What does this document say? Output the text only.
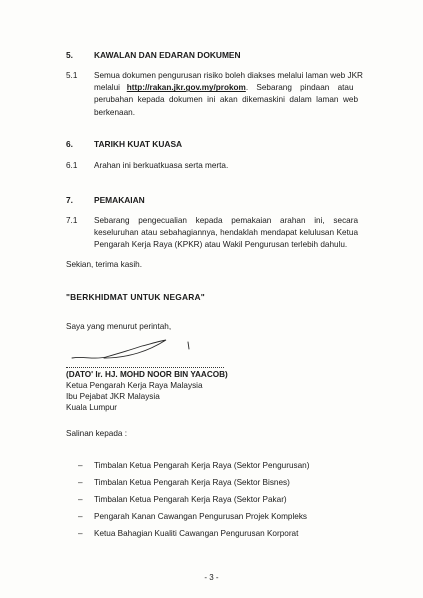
5.	KAWALAN DAN EDARAN DOKUMEN
5.1 Semua dokumen pengurusan risiko boleh diakses melalui laman web JKR
melalui http://rakan.jkr.gov.my/prokom. Sebarang pindaan atau
perubahan kepada dokumen ini akan dikemaskini dalam laman web
berkenaan.
6.	TARIKH KUAT KUASA
6.1 Arahan ini berkuatkuasa serta merta.
7.	PEMAKAIAN
7.1 Sebarang pengecualian kepada pemakaian arahan ini, secara
keseluruhan atau sebahagiannya, hendaklah mendapat kelulusan Ketua
Pengarah Kerja Raya (KPKR) atau Wakil Pengurusan terlebih dahulu.
Sekian, terima kasih.
"BERKHIDMAT UNTUK NEGARA"
Saya yang menurut perintah,
(DATO' Ir. HJ. MOHD NOOR BIN YAACOB)
Ketua Pengarah Kerja Raya Malaysia
Ibu Pejabat JKR Malaysia
Kuala Lumpur
Salinan kepada :
– Timbalan Ketua Pengarah Kerja Raya (Sektor Pengurusan)
– Timbalan Ketua Pengarah Kerja Raya (Sektor Bisnes)
– Timbalan Ketua Pengarah Kerja Raya (Sektor Pakar)
– Pengarah Kanan Cawangan Pengurusan Projek Kompleks
– Ketua Bahagian Kualiti Cawangan Pengurusan Korporat
- 3 -
